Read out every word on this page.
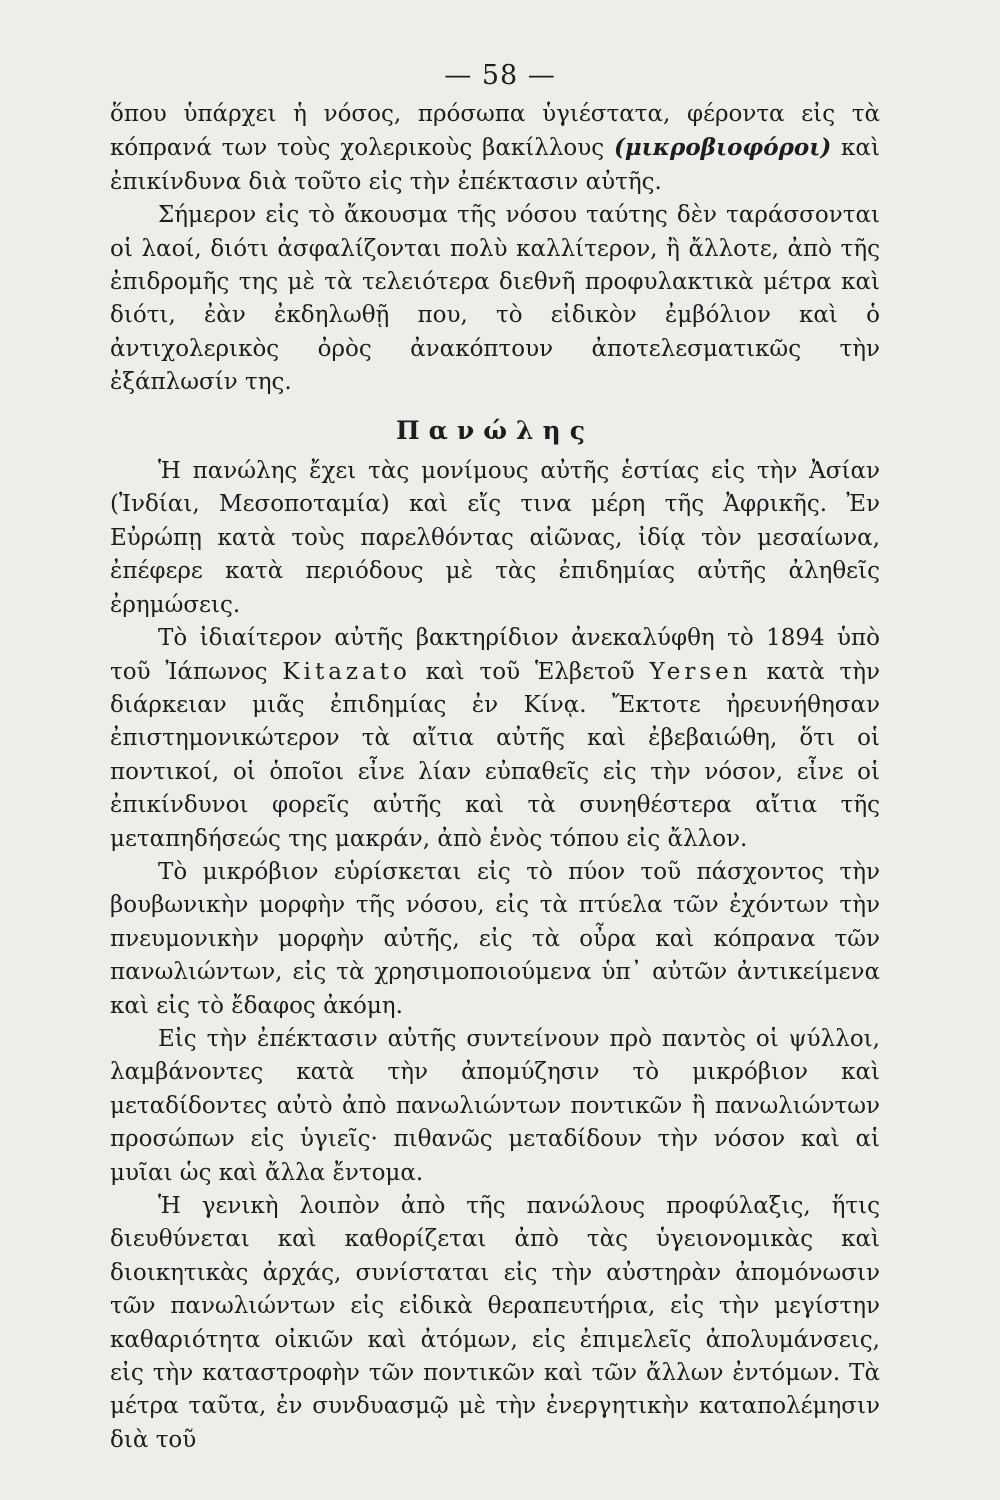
— 58 —

ὅπου ὑπάρχει ἡ νόσος, πρόσωπα ὑγιέστατα, φέροντα εἰς τὰ κόπρανά των τοὺς χολερικοὺς βακίλλους (μικροβιοφόροι) καὶ ἐπικίνδυνα διὰ τοῦτο εἰς τὴν ἐπέκτασιν αὐτῆς.

Σήμερον εἰς τὸ ἄκουσμα τῆς νόσου ταύτης δὲν ταράσσονται οἱ λαοί, διότι ἀσφαλίζονται πολὺ καλλίτερον, ἢ ἄλλοτε, ἀπὸ τῆς ἐπιδρομῆς της μὲ τὰ τελειότερα διεθνῆ προφυλακτικὰ μέτρα καὶ διότι, ἐὰν ἐκδηλωθῇ που, τὸ εἰδικὸν ἐμβόλιον καὶ ὁ ἀντιχολερικὸς ὀρὸς ἀνακόπτουν ἀποτελεσματικῶς τὴν ἐξάπλωσίν της.

Πανώλης

Ἡ πανώλης ἔχει τὰς μονίμους αὐτῆς ἑστίας εἰς τὴν Ἀσίαν (Ἰνδίαι, Μεσοποταμία) καὶ εἴς τινα μέρη τῆς Ἀφρικῆς. Ἐν Εὐρώπῃ κατὰ τοὺς παρελθόντας αἰῶνας, ἰδίᾳ τὸν μεσαίωνα, ἐπέφερε κατὰ περιόδους μὲ τὰς ἐπιδημίας αὐτῆς ἀληθεῖς ἐρημώσεις.

Τὸ ἰδιαίτερον αὐτῆς βακτηρίδιον ἀνεκαλύφθη τὸ 1894 ὑπὸ τοῦ Ἰάπωνος Kitazato καὶ τοῦ Ἑλβετοῦ Yersen κατὰ τὴν διάρκειαν μιᾶς ἐπιδημίας ἐν Κίνᾳ. Ἔκτοτε ἠρευνήθησαν ἐπιστημονικώτερον τὰ αἴτια αὐτῆς καὶ ἐβεβαιώθη, ὅτι οἱ ποντικοί, οἱ ὁποῖοι εἶνε λίαν εὐπαθεῖς εἰς τὴν νόσον, εἶνε οἱ ἐπικίνδυνοι φορεῖς αὐτῆς καὶ τὰ συνηθέστερα αἴτια τῆς μεταπηδήσεώς της μακράν, ἀπὸ ἑνὸς τόπου εἰς ἄλλον.

Τὸ μικρόβιον εὑρίσκεται εἰς τὸ πύον τοῦ πάσχοντος τὴν βουβωνικὴν μορφὴν τῆς νόσου, εἰς τὰ πτύελα τῶν ἐχόντων τὴν πνευμονικὴν μορφὴν αὐτῆς, εἰς τὰ οὖρα καὶ κόπρανα τῶν πανωλιώντων, εἰς τὰ χρησιμοποιούμενα ὑπ᾽ αὐτῶν ἀντικείμενα καὶ εἰς τὸ ἔδαφος ἀκόμη.

Εἰς τὴν ἐπέκτασιν αὐτῆς συντείνουν πρὸ παντὸς οἱ ψύλλοι, λαμβάνοντες κατὰ τὴν ἀπομύζησιν τὸ μικρόβιον καὶ μεταδίδοντες αὐτὸ ἀπὸ πανωλιώντων ποντικῶν ἢ πανωλιώντων προσώπων εἰς ὑγιεῖς· πιθανῶς μεταδίδουν τὴν νόσον καὶ αἱ μυῖαι ὡς καὶ ἄλλα ἔντομα.

Ἡ γενικὴ λοιπὸν ἀπὸ τῆς πανώλους προφύλαξις, ἥτις διευθύνεται καὶ καθορίζεται ἀπὸ τὰς ὑγειονομικὰς καὶ διοικητικὰς ἀρχάς, συνίσταται εἰς τὴν αὐστηρὰν ἀπομόνωσιν τῶν πανωλιώντων εἰς εἰδικὰ θεραπευτήρια, εἰς τὴν μεγίστην καθαριότητα οἰκιῶν καὶ ἀτόμων, εἰς ἐπιμελεῖς ἀπολυμάνσεις, εἰς τὴν καταστροφὴν τῶν ποντικῶν καὶ τῶν ἄλλων ἐντόμων. Τὰ μέτρα ταῦτα, ἐν συνδυασμῷ μὲ τὴν ἐνεργητικὴν καταπολέμησιν διὰ τοῦ
